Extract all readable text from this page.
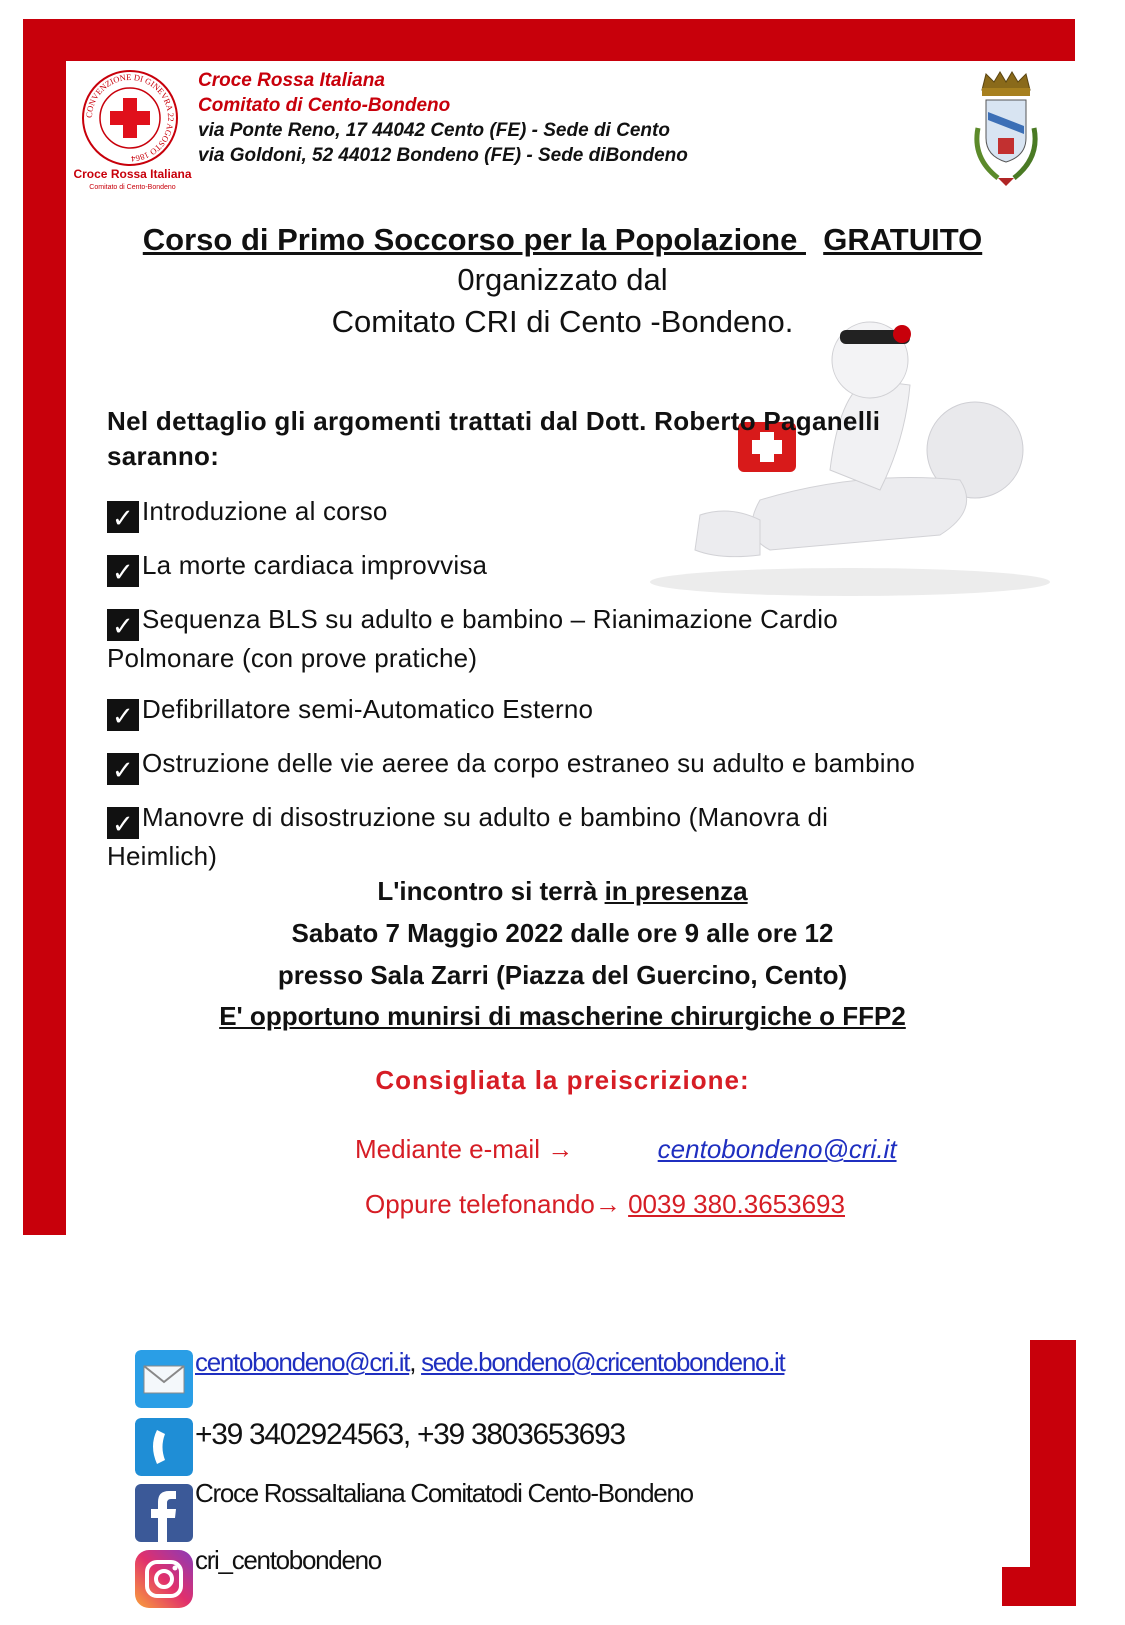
CONVENZIONE DI GINEVRA 22 AGOSTO 1864
Croce Rossa Italiana
Comitato di Cento-Bondeno
Croce Rossa Italiana
Comitato di Cento-Bondeno
via Ponte Reno, 17 44042 Cento (FE) - Sede di Cento
via Goldoni, 52 44012 Bondeno (FE) - Sede diBondeno
Corso di Primo Soccorso per la Popolazione   GRATUITO
0rganizzato dal
Comitato CRI di Cento -Bondeno.
Nel dettaglio gli argomenti trattati dal Dott. Roberto Paganelli saranno:
✓ Introduzione al corso
✓ La morte cardiaca improvvisa
✓ Sequenza BLS su adulto e bambino – Rianimazione Cardio Polmonare (con prove pratiche)
✓ Defibrillatore semi-Automatico Esterno
✓ Ostruzione delle vie aeree da corpo estraneo su adulto e bambino
✓ Manovre di disostruzione su adulto e bambino (Manovra di Heimlich)
L'incontro si terrà in presenza
Sabato 7 Maggio 2022 dalle ore 9 alle ore 12
presso Sala Zarri (Piazza del Guercino, Cento)
E' opportuno munirsi di mascherine chirurgiche o FFP2
Consigliata la preiscrizione:
Mediante e-mail →	centobondeno@cri.it
Oppure telefonando→ 0039 380.3653693
centobondeno@cri.it, sede.bondeno@cricentobondeno.it
+39 3402924563, +39 3803653693
Croce RossaItaliana Comitatodi Cento-Bondeno
cri_centobondeno
